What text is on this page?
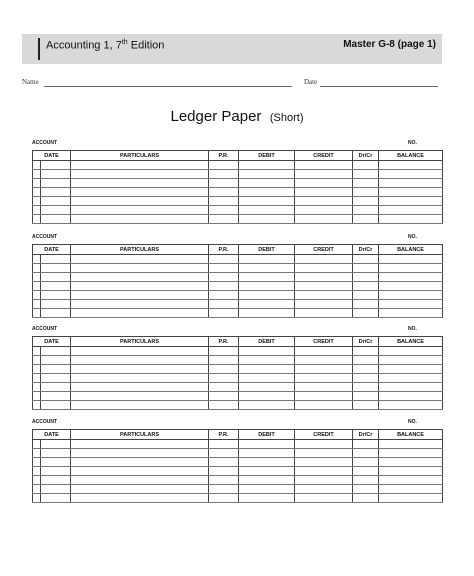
Accounting 1, 7th Edition	Master G-8 (page 1)
Name	Date
Ledger Paper (Short)
ACCOUNT	NO.
DATE		PARTICULARS	P.R.	DEBIT	CREDIT	Dr/Cr	BALANCE

ACCOUNT	NO.
DATE		PARTICULARS	P.R.	DEBIT	CREDIT	Dr/Cr	BALANCE

ACCOUNT	NO.
DATE		PARTICULARS	P.R.	DEBIT	CREDIT	Dr/Cr	BALANCE

ACCOUNT	NO.
DATE		PARTICULARS	P.R.	DEBIT	CREDIT	Dr/Cr	BALANCE
